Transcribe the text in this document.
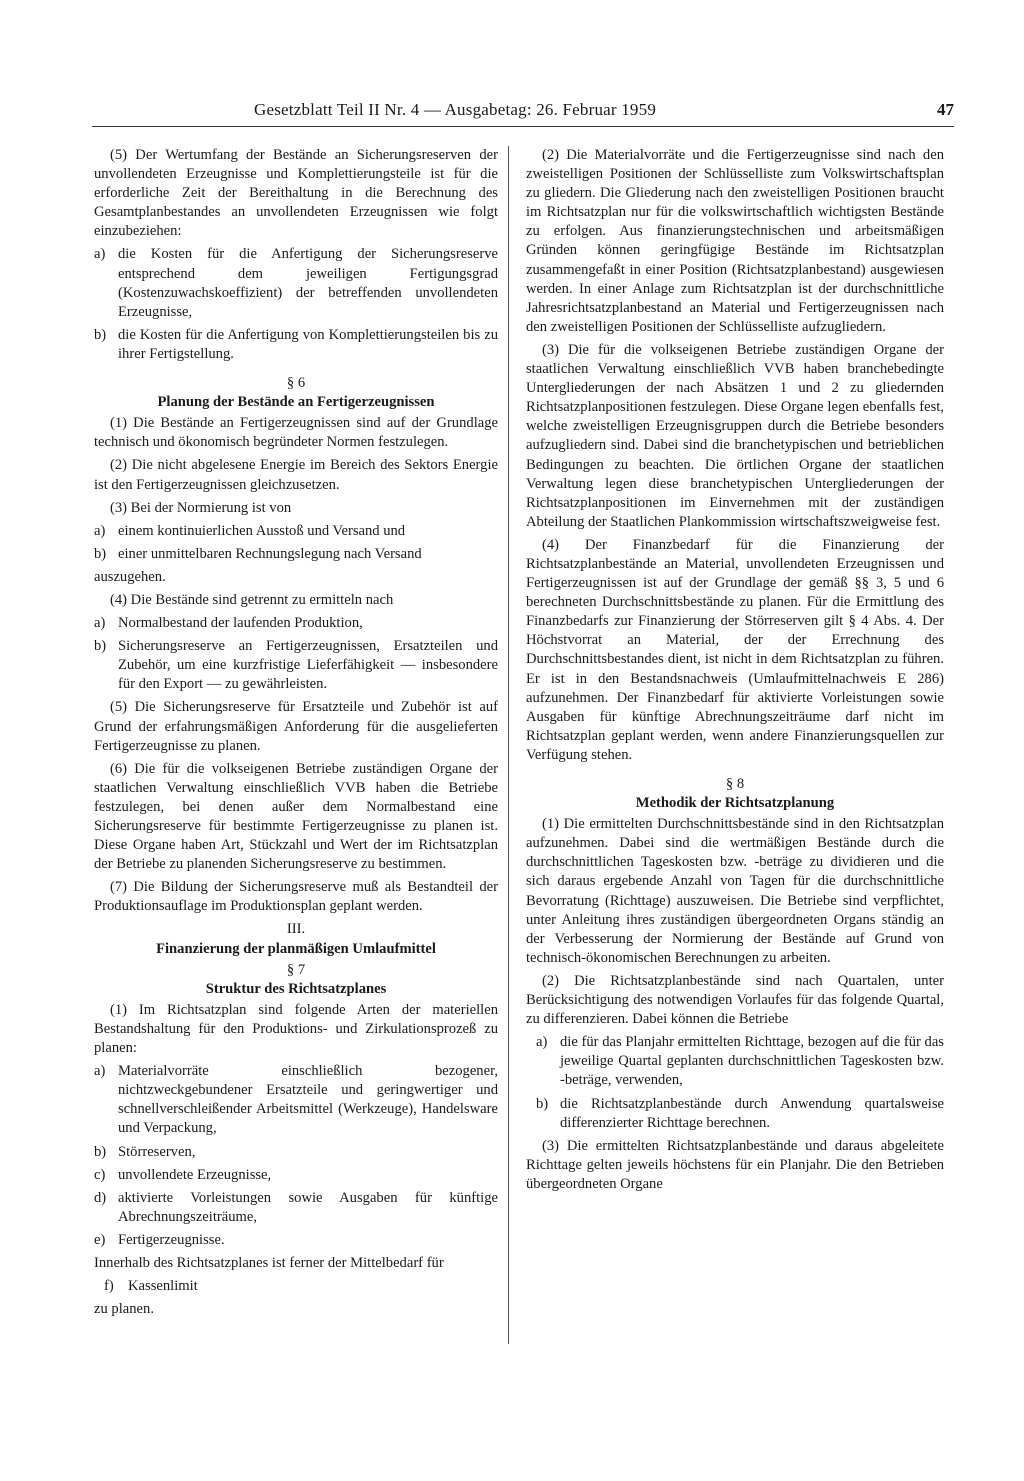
Gesetzblatt Teil II Nr. 4 — Ausgabetag: 26. Februar 1959	47

(5) Der Wertumfang der Bestände an Sicherungsreserven der unvollendeten Erzeugnisse und Komplettierungsteile ist für die erforderliche Zeit der Bereithaltung in die Berechnung des Gesamtplanbestandes an unvollendeten Erzeugnissen wie folgt einzubeziehen:

a) die Kosten für die Anfertigung der Sicherungsreserve entsprechend dem jeweiligen Fertigungsgrad (Kostenzuwachskoeffizient) der betreffenden unvollendeten Erzeugnisse,
b) die Kosten für die Anfertigung von Komplettierungsteilen bis zu ihrer Fertigstellung.
§ 6
Planung der Bestände an Fertigerzeugnissen

(1) Die Bestände an Fertigerzeugnissen sind auf der Grundlage technisch und ökonomisch begründeter Normen festzulegen.

(2) Die nicht abgelesene Energie im Bereich des Sektors Energie ist den Fertigerzeugnissen gleichzusetzen.

(3) Bei der Normierung ist von

a) einem kontinuierlichen Ausstoß und Versand und
b) einer unmittelbaren Rechnungslegung nach Versand

auszugehen.

(4) Die Bestände sind getrennt zu ermitteln nach

a) Normalbestand der laufenden Produktion,
b) Sicherungsreserve an Fertigerzeugnissen, Ersatzteilen und Zubehör, um eine kurzfristige Lieferfähigkeit — insbesondere für den Export — zu gewährleisten.

(5) Die Sicherungsreserve für Ersatzteile und Zubehör ist auf Grund der erfahrungsmäßigen Anforderung für die ausgelieferten Fertigerzeugnisse zu planen.

(6) Die für die volkseigenen Betriebe zuständigen Organe der staatlichen Verwaltung einschließlich VVB haben die Betriebe festzulegen, bei denen außer dem Normalbestand eine Sicherungsreserve für bestimmte Fertigerzeugnisse zu planen ist. Diese Organe haben Art, Stückzahl und Wert der im Richtsatzplan der Betriebe zu planenden Sicherungsreserve zu bestimmen.

(7) Die Bildung der Sicherungsreserve muß als Bestandteil der Produktionsauflage im Produktionsplan geplant werden.

III.
Finanzierung der planmäßigen Umlaufmittel
§ 7
Struktur des Richtsatzplanes

(1) Im Richtsatzplan sind folgende Arten der materiellen Bestandshaltung für den Produktions- und Zirkulationsprozeß zu planen:

a) Materialvorräte einschließlich bezogener, nichtzweckgebundener Ersatzteile und geringwertiger und schnellverschleißender Arbeitsmittel (Werkzeuge), Handelsware und Verpackung,
b) Störreserven,
c) unvollendete Erzeugnisse,
d) aktivierte Vorleistungen sowie Ausgaben für künftige Abrechnungszeiträume,
e) Fertigerzeugnisse.

Innerhalb des Richtsatzplanes ist ferner der Mittelbedarf für

f) Kassenlimit

zu planen.

(2) Die Materialvorräte und die Fertigerzeugnisse sind nach den zweistelligen Positionen der Schlüsselliste zum Volkswirtschaftsplan zu gliedern. Die Gliederung nach den zweistelligen Positionen braucht im Richtsatzplan nur für die volkswirtschaftlich wichtigsten Bestände zu erfolgen. Aus finanzierungstechnischen und arbeitsmäßigen Gründen können geringfügige Bestände im Richtsatzplan zusammengefaßt in einer Position (Richtsatzplanbestand) ausgewiesen werden. In einer Anlage zum Richtsatzplan ist der durchschnittliche Jahresrichtsatzplanbestand an Material und Fertigerzeugnissen nach den zweistelligen Positionen der Schlüsselliste aufzugliedern.

(3) Die für die volkseigenen Betriebe zuständigen Organe der staatlichen Verwaltung einschließlich VVB haben branchebedingte Untergliederungen der nach Absätzen 1 und 2 zu gliedernden Richtsatzplanpositionen festzulegen. Diese Organe legen ebenfalls fest, welche zweistelligen Erzeugnisgruppen durch die Betriebe besonders aufzugliedern sind. Dabei sind die branchetypischen und betrieblichen Bedingungen zu beachten. Die örtlichen Organe der staatlichen Verwaltung legen diese branchetypischen Untergliederungen der Richtsatzplanpositionen im Einvernehmen mit der zuständigen Abteilung der Staatlichen Plankommission wirtschaftszweigweise fest.

(4) Der Finanzbedarf für die Finanzierung der Richtsatzplanbestände an Material, unvollendeten Erzeugnissen und Fertigerzeugnissen ist auf der Grundlage der gemäß §§ 3, 5 und 6 berechneten Durchschnittsbestände zu planen. Für die Ermittlung des Finanzbedarfs zur Finanzierung der Störreserven gilt § 4 Abs. 4. Der Höchstvorrat an Material, der der Errechnung des Durchschnittsbestandes dient, ist nicht in dem Richtsatzplan zu führen. Er ist in den Bestandsnachweis (Umlaufmittelnachweis E 286) aufzunehmen. Der Finanzbedarf für aktivierte Vorleistungen sowie Ausgaben für künftige Abrechnungszeiträume darf nicht im Richtsatzplan geplant werden, wenn andere Finanzierungsquellen zur Verfügung stehen.

§ 8
Methodik der Richtsatzplanung

(1) Die ermittelten Durchschnittsbestände sind in den Richtsatzplan aufzunehmen. Dabei sind die wertmäßigen Bestände durch die durchschnittlichen Tageskosten bzw. -beträge zu dividieren und die sich daraus ergebende Anzahl von Tagen für die durchschnittliche Bevorratung (Richttage) auszuweisen. Die Betriebe sind verpflichtet, unter Anleitung ihres zuständigen übergeordneten Organs ständig an der Verbesserung der Normierung der Bestände auf Grund von technisch-ökonomischen Berechnungen zu arbeiten.

(2) Die Richtsatzplanbestände sind nach Quartalen, unter Berücksichtigung des notwendigen Vorlaufes für das folgende Quartal, zu differenzieren. Dabei können die Betriebe

a) die für das Planjahr ermittelten Richttage, bezogen auf die für das jeweilige Quartal geplanten durchschnittlichen Tageskosten bzw. -beträge, verwenden,
b) die Richtsatzplanbestände durch Anwendung quartalsweise differenzierter Richttage berechnen.

(3) Die ermittelten Richtsatzplanbestände und daraus abgeleitete Richttage gelten jeweils höchstens für ein Planjahr. Die den Betrieben übergeordneten Organe
